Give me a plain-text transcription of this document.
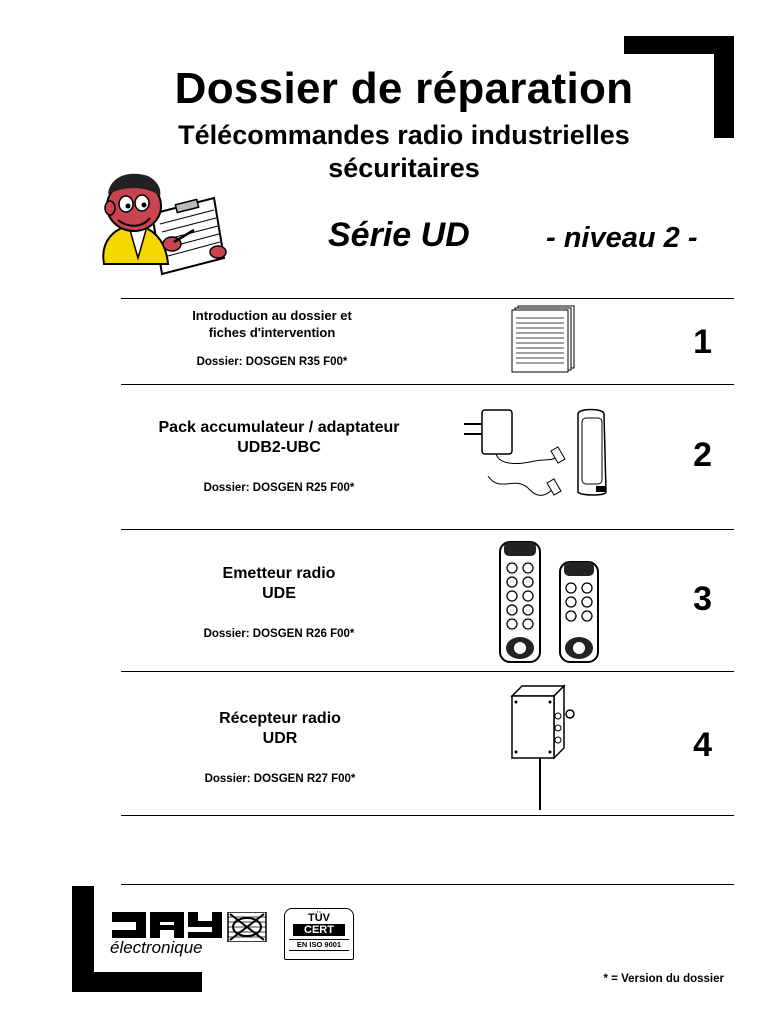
Dossier de réparation
Télécommandes radio industrielles
sécuritaires
Série UD	- niveau 2 -
Introduction au dossier et
fiches d'intervention
Dossier: DOSGEN R35 F00*
1
Pack accumulateur / adaptateur
UDB2-UBC
Dossier: DOSGEN R25 F00*
2
Emetteur radio
UDE
Dossier: DOSGEN R26 F00*
3
Récepteur radio
UDR
Dossier: DOSGEN R27 F00*
4
électronique
TÜV
CERT
EN ISO 9001
* = Version du dossier
